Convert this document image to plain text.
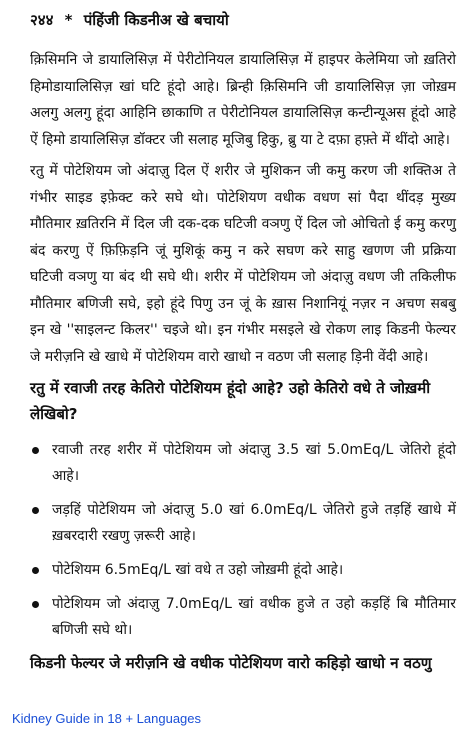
२४४ * पंहिंजी किडनीअ खे बचायो

क़िसिमनि जे डायालिसिज़ में पेरीटोनियल डायालिसिज़ में हाइपर केलेमिया जो ख़तिरो हिमोडायालिसिज़ खां घटि हूंदो आहे। ब्रिन्ही क़िसिमनि जी डायालिसिज़ ज़ा जोख़म अलगु अलगु हूंदा आहिनि छाकाणि त पेरीटोनियल डायालिसिज़ कन्टीन्यूअस हूंदो आहे ऐं हिमो डायालिसिज़ डॉक्टर जी सलाह मूजिबु हिकु, ब्रु या टे दफ़ा हफ़्ते में थींदो आहे।

रतु में पोटेशियम जो अंदाज़ु दिल ऐं शरीर जे मुशिकन जी कमु करण जी शक्तिअ ते गंभीर साइड इफ़ेक्ट करे सघे थो। पोटेशियण वधीक वधण सां पैदा थींदड़ मुख्य मौतिमार ख़तिरनि में दिल जी दक-दक घटिजी वञणु ऐं दिल जो ओचितो ई कमु करणु बंद करणु ऐं फ़िफ़िड़नि जूं मुशिकूं कमु न करे सघण करे साहु खणण जी प्रक्रिया घटिजी वञणु या बंद थी सघे थी। शरीर में पोटेशियम जो अंदाज़ु वधण जी तकिलीफ मौतिमार बणिजी सघे, इहो हूंदे पिणु उन जूं के ख़ास निशानियूं नज़र न अचण सबबु इन खे ''साइलन्ट किलर'' चइजे थो। इन गंभीर मसइले खे रोकण लाइ किडनी फेल्यर जे मरीज़नि खे खाधे में पोटेशियम वारो खाधो न वठण जी सलाह ड़िनी वेंदी आहे।

रतु में रवाजी तरह केतिरो पोटेशियम हूंदो आहे? उहो केतिरो वधे ते जोख़मी लेखिबो?
रवाजी तरह शरीर में पोटेशियम जो अंदाज़ु 3.5 खां 5.0mEq/L जेतिरो हूंदो आहे।
जड़हिं पोटेशियम जो अंदाज़ु 5.0 खां 6.0mEq/L जेतिरो हुजे तड़हिं खाधे में ख़बरदारी रखणु ज़रूरी आहे।
पोटेशियम 6.5mEq/L खां वधे त उहो जोख़मी हूंदो आहे।
पोटेशियम जो अंदाज़ु 7.0mEq/L खां वधीक हुजे त उहो कड़हिं बि मौतिमार बणिजी सघे थो।
किडनी फेल्यर जे मरीज़नि खे वधीक पोटेशियण वारो कहिड़ो खाधो न वठणु
Kidney Guide in 18 + Languages
